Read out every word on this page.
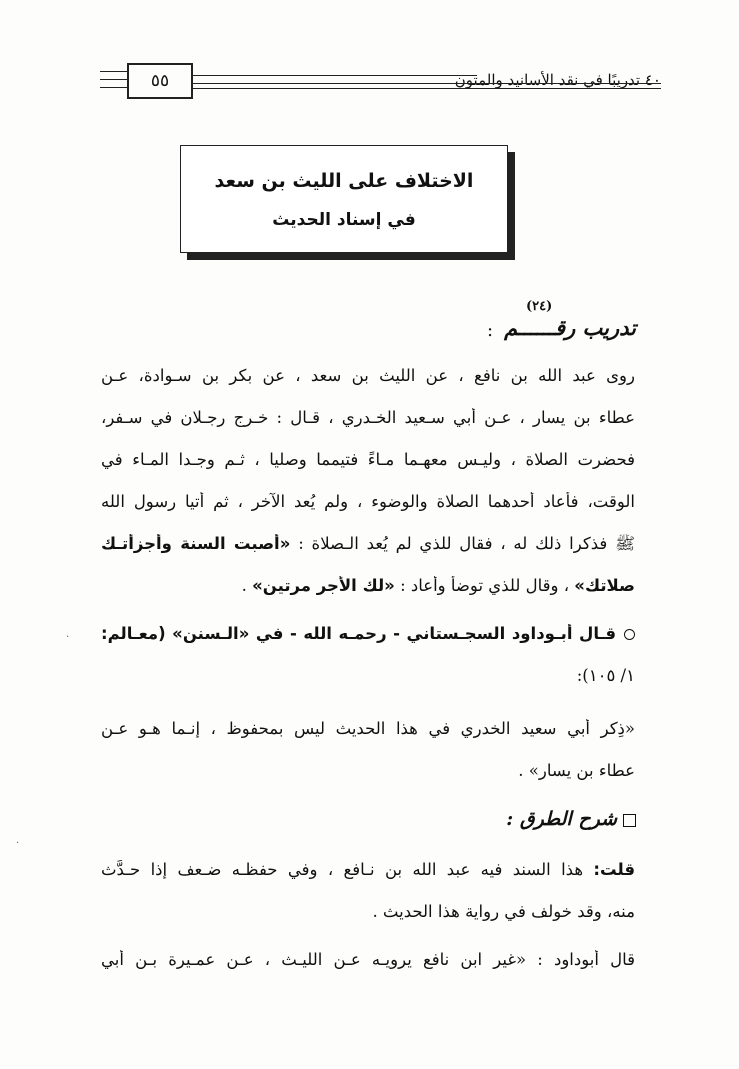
٤٠ تدريبًا في نقد الأسانيد والمتون
٥٥
الاختلاف على الليث بن سعد
في إسناد الحديث
(٢٤)
تدريب رقــــــم
:
روى عبد الله بن نافع ، عن الليث بن سعد ، عن بكر بن سـوادة، عـن
عطاء بن يسار ، عـن أبي سـعيد الخـدري ، قـال : خـرج رجـلان في سـفر،
فحضرت الصلاة ، وليـس معهـما مـاءً فتيمما وصليا ، ثـم وجـدا المـاء في
الوقت، فأعاد أحدهما الصلاة والوضوء ، ولم يُعد الآخر ، ثم أتيا رسول الله
ﷺ فذكرا ذلك له ، فقال للذي لم يُعد الـصلاة : «أصبت السنة وأجزأتـك
صلاتك» ، وقال للذي توضأ وأعاد : «لك الأجر مرتين» .
قـال أبـوداود السجـستاني - رحمـه الله - في «الـسنن» (معـالم:
١/ ١٠٥):
«ذِكر أبي سعيد الخدري في هذا الحديث ليس بمحفوظ ، إنـما هـو عـن
عطاء بن يسار» .
شرح الطرق :
قلت: هذا السند فيه عبد الله بن نـافع ، وفي حفظـه ضـعف إذا حـدَّث
منه، وقد خولف في رواية هذا الحديث .
قال أبوداود : «غير ابن نافع يرويـه عـن الليـث ، عـن عمـيرة بـن أبي
·
·
